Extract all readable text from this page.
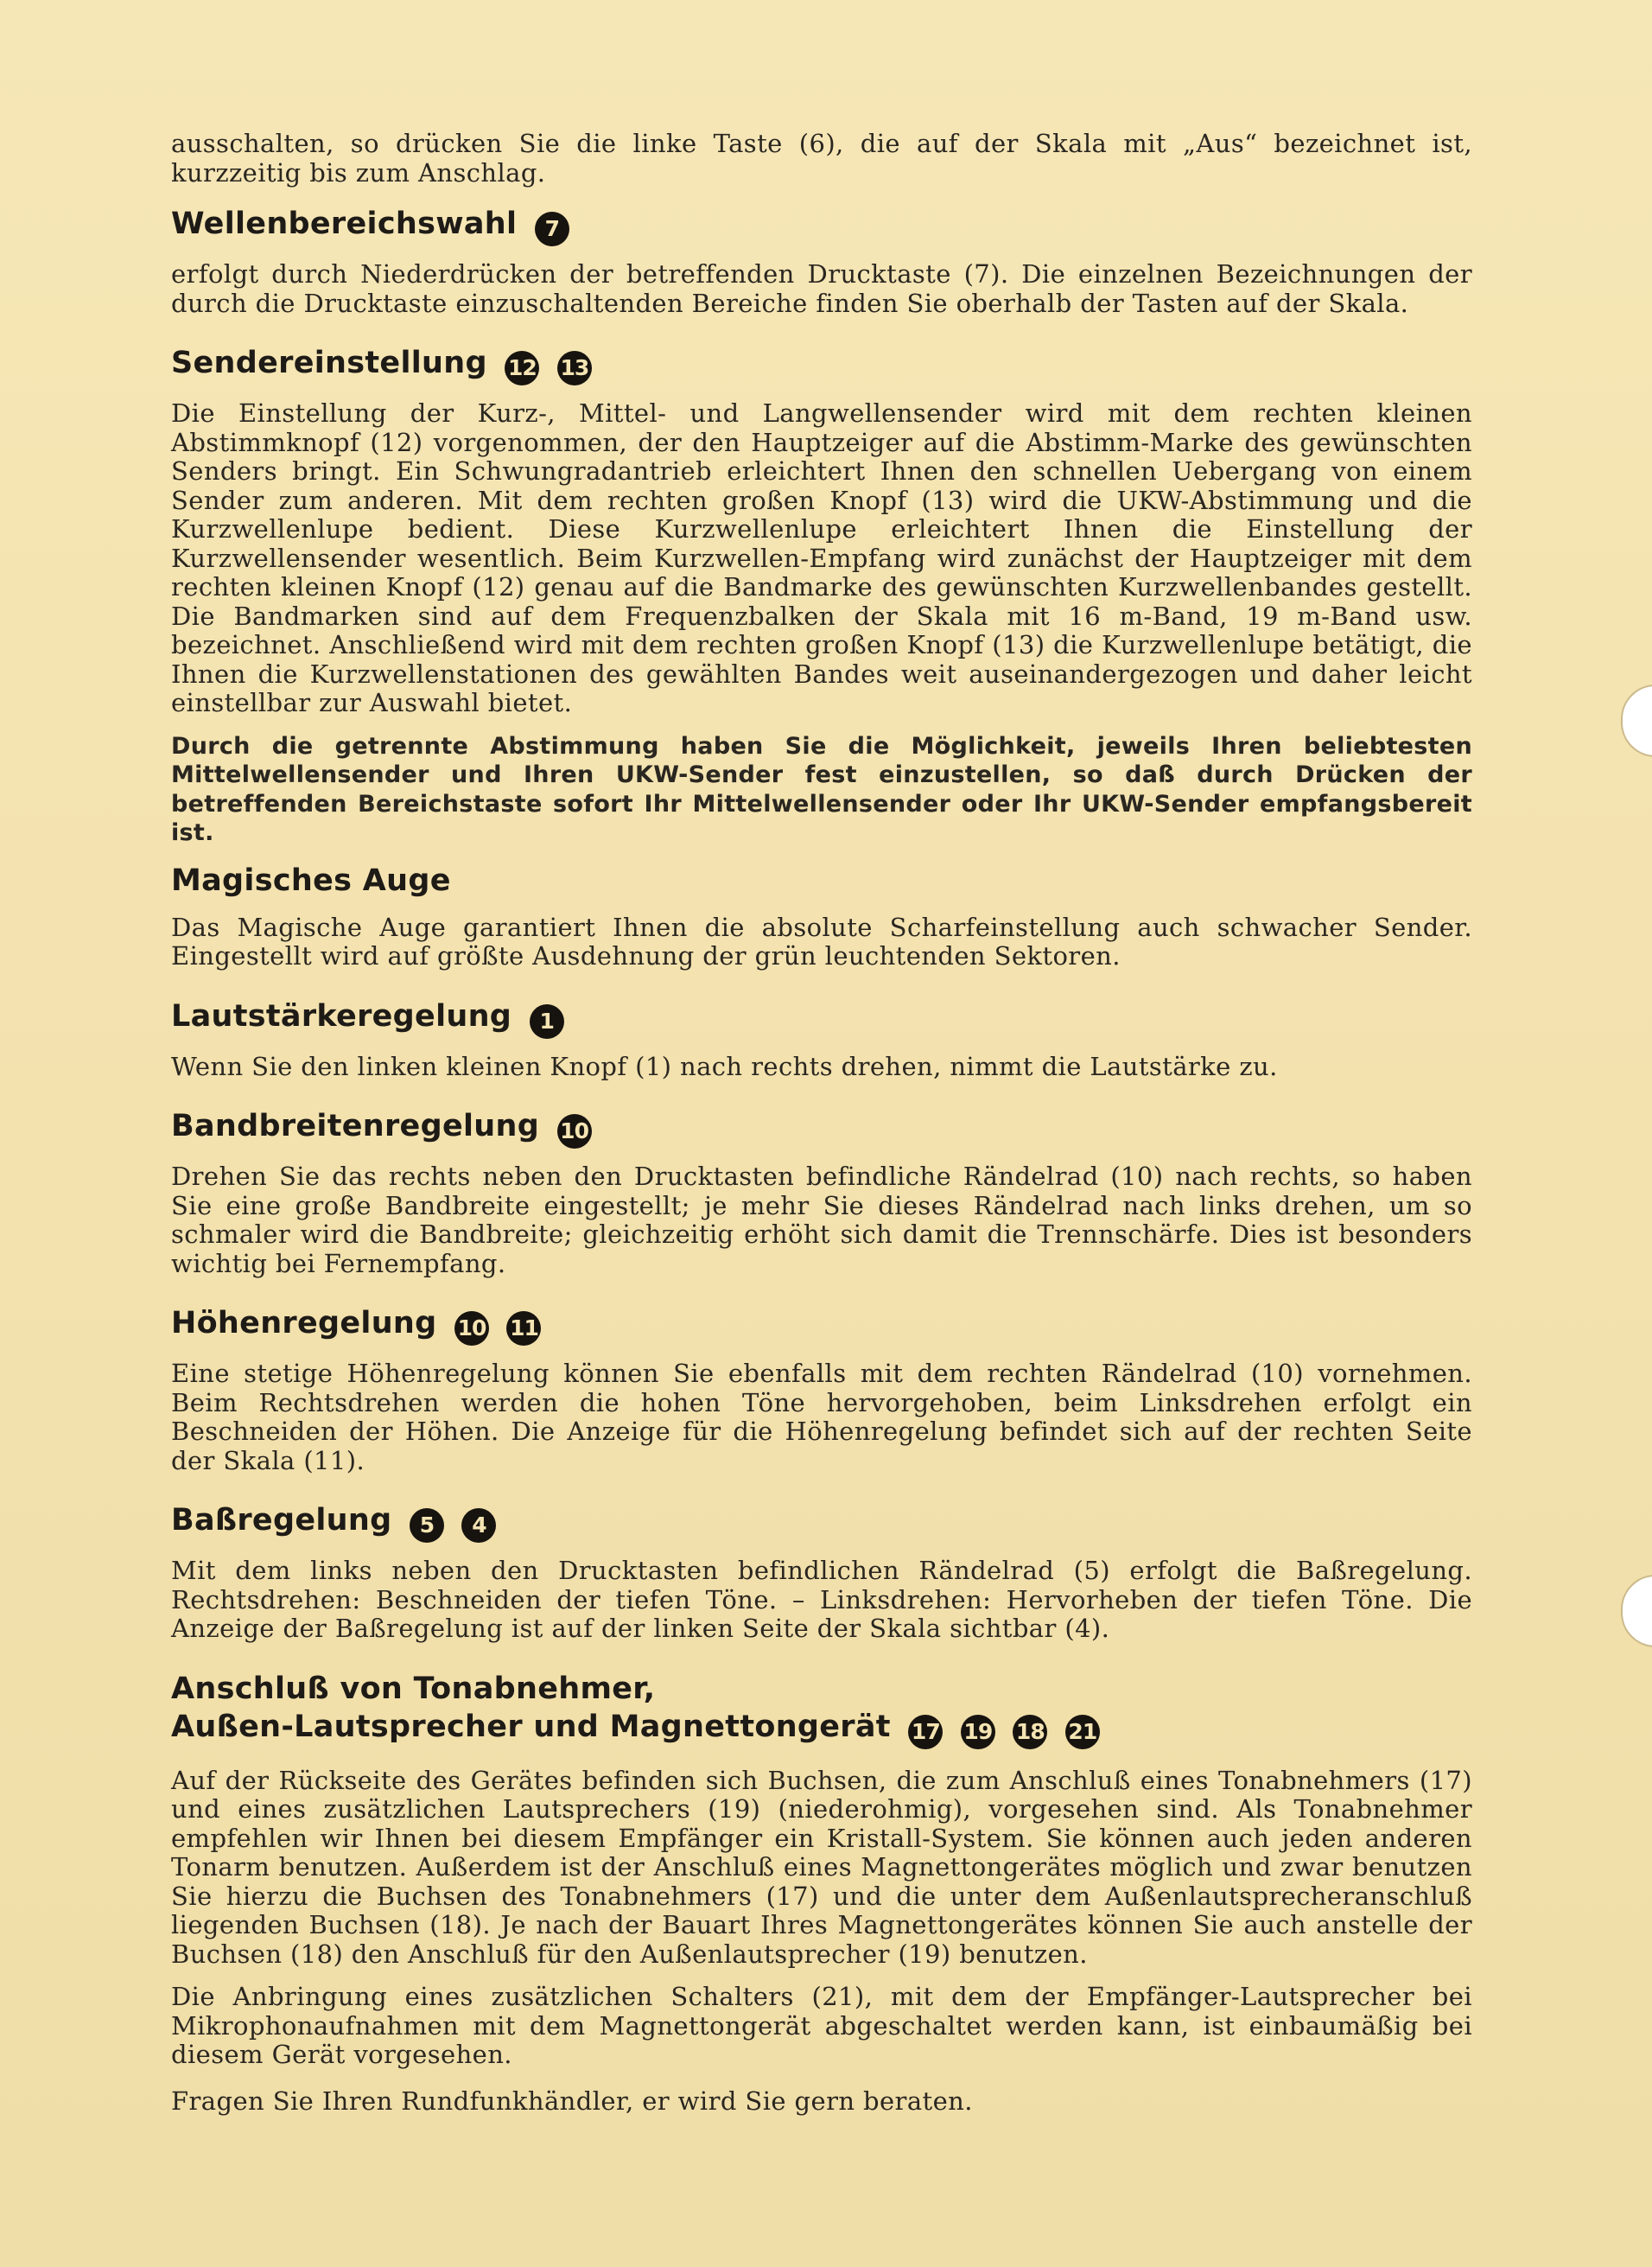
ausschalten, so drücken Sie die linke Taste (6), die auf der Skala mit „Aus“ bezeichnet ist, kurzzeitig bis zum Anschlag.

Wellenbereichswahl 7

erfolgt durch Niederdrücken der betreffenden Drucktaste (7). Die einzelnen Bezeichnungen der durch die Drucktaste einzuschaltenden Bereiche finden Sie oberhalb der Tasten auf der Skala.

Sendereinstellung 12 13

Die Einstellung der Kurz-, Mittel- und Langwellensender wird mit dem rechten kleinen Abstimmknopf (12) vorgenommen, der den Hauptzeiger auf die Abstimm-Marke des gewünschten Senders bringt. Ein Schwungradantrieb erleichtert Ihnen den schnellen Uebergang von einem Sender zum anderen. Mit dem rechten großen Knopf (13) wird die UKW-Abstimmung und die Kurzwellenlupe bedient. Diese Kurzwellenlupe erleichtert Ihnen die Einstellung der Kurzwellensender wesentlich. Beim Kurzwellen-Empfang wird zunächst der Hauptzeiger mit dem rechten kleinen Knopf (12) genau auf die Bandmarke des gewünschten Kurzwellenbandes gestellt. Die Bandmarken sind auf dem Frequenzbalken der Skala mit 16 m-Band, 19 m-Band usw. bezeichnet. Anschließend wird mit dem rechten großen Knopf (13) die Kurzwellenlupe betätigt, die Ihnen die Kurzwellenstationen des gewählten Bandes weit auseinandergezogen und daher leicht einstellbar zur Auswahl bietet.

Durch die getrennte Abstimmung haben Sie die Möglichkeit, jeweils Ihren beliebtesten Mittelwellensender und Ihren UKW-Sender fest einzustellen, so daß durch Drücken der betreffenden Bereichstaste sofort Ihr Mittelwellensender oder Ihr UKW-Sender empfangsbereit ist.

Magisches Auge

Das Magische Auge garantiert Ihnen die absolute Scharfeinstellung auch schwacher Sender. Eingestellt wird auf größte Ausdehnung der grün leuchtenden Sektoren.

Lautstärkeregelung 1

Wenn Sie den linken kleinen Knopf (1) nach rechts drehen, nimmt die Lautstärke zu.

Bandbreitenregelung 10

Drehen Sie das rechts neben den Drucktasten befindliche Rändelrad (10) nach rechts, so haben Sie eine große Bandbreite eingestellt; je mehr Sie dieses Rändelrad nach links drehen, um so schmaler wird die Bandbreite; gleichzeitig erhöht sich damit die Trennschärfe. Dies ist besonders wichtig bei Fernempfang.

Höhenregelung 10 11

Eine stetige Höhenregelung können Sie ebenfalls mit dem rechten Rändelrad (10) vornehmen. Beim Rechtsdrehen werden die hohen Töne hervorgehoben, beim Linksdrehen erfolgt ein Beschneiden der Höhen. Die Anzeige für die Höhenregelung befindet sich auf der rechten Seite der Skala (11).

Baßregelung 5 4

Mit dem links neben den Drucktasten befindlichen Rändelrad (5) erfolgt die Baßregelung. Rechtsdrehen: Beschneiden der tiefen Töne. – Linksdrehen: Hervorheben der tiefen Töne. Die Anzeige der Baßregelung ist auf der linken Seite der Skala sichtbar (4).

Anschluß von Tonabnehmer,
Außen-Lautsprecher und Magnettongerät 17 19 18 21

Auf der Rückseite des Gerätes befinden sich Buchsen, die zum Anschluß eines Tonabnehmers (17) und eines zusätzlichen Lautsprechers (19) (niederohmig), vorgesehen sind. Als Tonabnehmer empfehlen wir Ihnen bei diesem Empfänger ein Kristall-System. Sie können auch jeden anderen Tonarm benutzen. Außerdem ist der Anschluß eines Magnettongerätes möglich und zwar benutzen Sie hierzu die Buchsen des Tonabnehmers (17) und die unter dem Außenlautsprecheranschluß liegenden Buchsen (18). Je nach der Bauart Ihres Magnettongerätes können Sie auch anstelle der Buchsen (18) den Anschluß für den Außenlautsprecher (19) benutzen.

Die Anbringung eines zusätzlichen Schalters (21), mit dem der Empfänger-Lautsprecher bei Mikrophonaufnahmen mit dem Magnettongerät abgeschaltet werden kann, ist einbaumäßig bei diesem Gerät vorgesehen.

Fragen Sie Ihren Rundfunkhändler, er wird Sie gern beraten.
